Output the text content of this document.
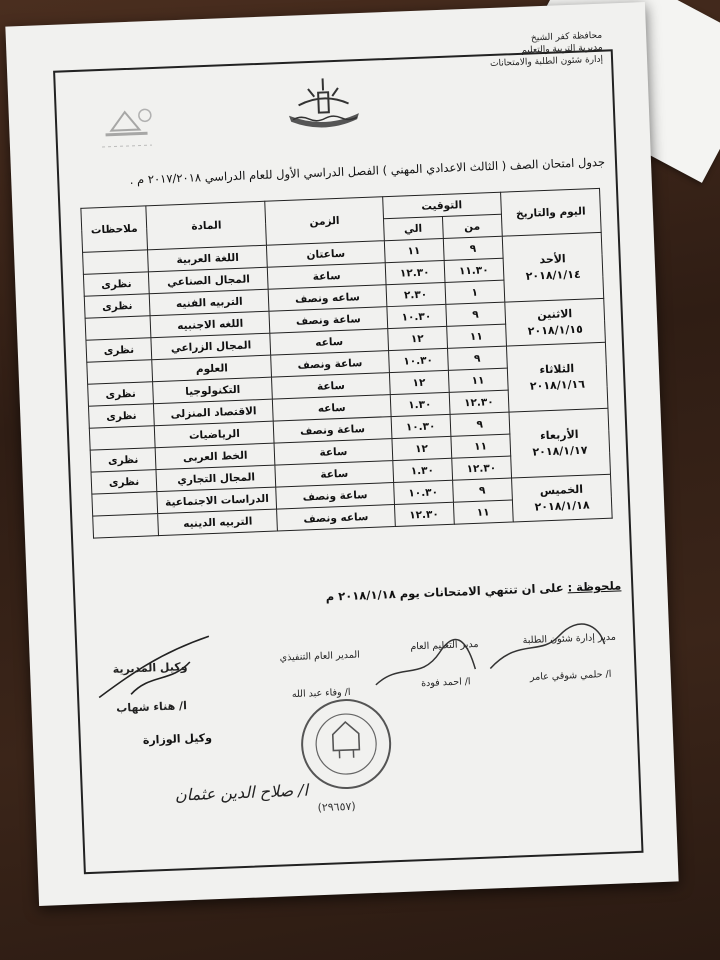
محافظة كفر الشيخ
مديرية التربية والتعليم
إدارة شئون الطلبة والامتحانات
جدول امتحان الصف ( الثالث الاعدادي المهني ) الفصل الدراسي الأول للعام الدراسي ٢٠١٧/٢٠١٨ م .
اليوم والتاريخ	التوقيت		الزمن	المادة	ملاحظات
	من	الي			

الأحد
٢٠١٨/١/١٤	٩	١١	ساعتان	اللغة العربية	
	١١.٣٠	١٢.٣٠	ساعة	المجال الصناعي	نظرى
	١	٢.٣٠	ساعه ونصف	التربيه الفنيه	نظرى

الاثنين
٢٠١٨/١/١٥	٩	١٠.٣٠	ساعة ونصف	اللغه الاجنبيه	
	١١	١٢	ساعه	المجال الزراعي	نظرى

الثلاثاء
٢٠١٨/١/١٦	٩	١٠.٣٠	ساعة ونصف	العلوم	
	١١	١٢	ساعة	التكنولوجيا	نظرى
	١٢.٣٠	١.٣٠	ساعه	الاقتصاد المنزلى	نظرى

الأربعاء
٢٠١٨/١/١٧	٩	١٠.٣٠	ساعة ونصف	الرياضيات	
	١١	١٢	ساعة	الخط العربى	نظرى
	١٢.٣٠	١.٣٠	ساعة	المجال التجاري	نظرى

الخميس
٢٠١٨/١/١٨	٩	١٠.٣٠	ساعة ونصف	الدراسات الاجتماعية	
	١١	١٢.٣٠	ساعه ونصف	التربيه الدينيه	
ملحوظة : على ان تنتهي الامتحانات يوم ٢٠١٨/١/١٨ م
مدير إدارة شئون الطلبة
ا/ حلمي شوقي عامر
مدير التعليم العام
ا/ احمد فودة
المدير العام التنفيذي
ا/ وفاء عبد الله
وكيل المديرية
ا/ هناء شهاب
(٢٩٦٥٧)
وكيل الوزارة
ا/ صلاح الدين عثمان
